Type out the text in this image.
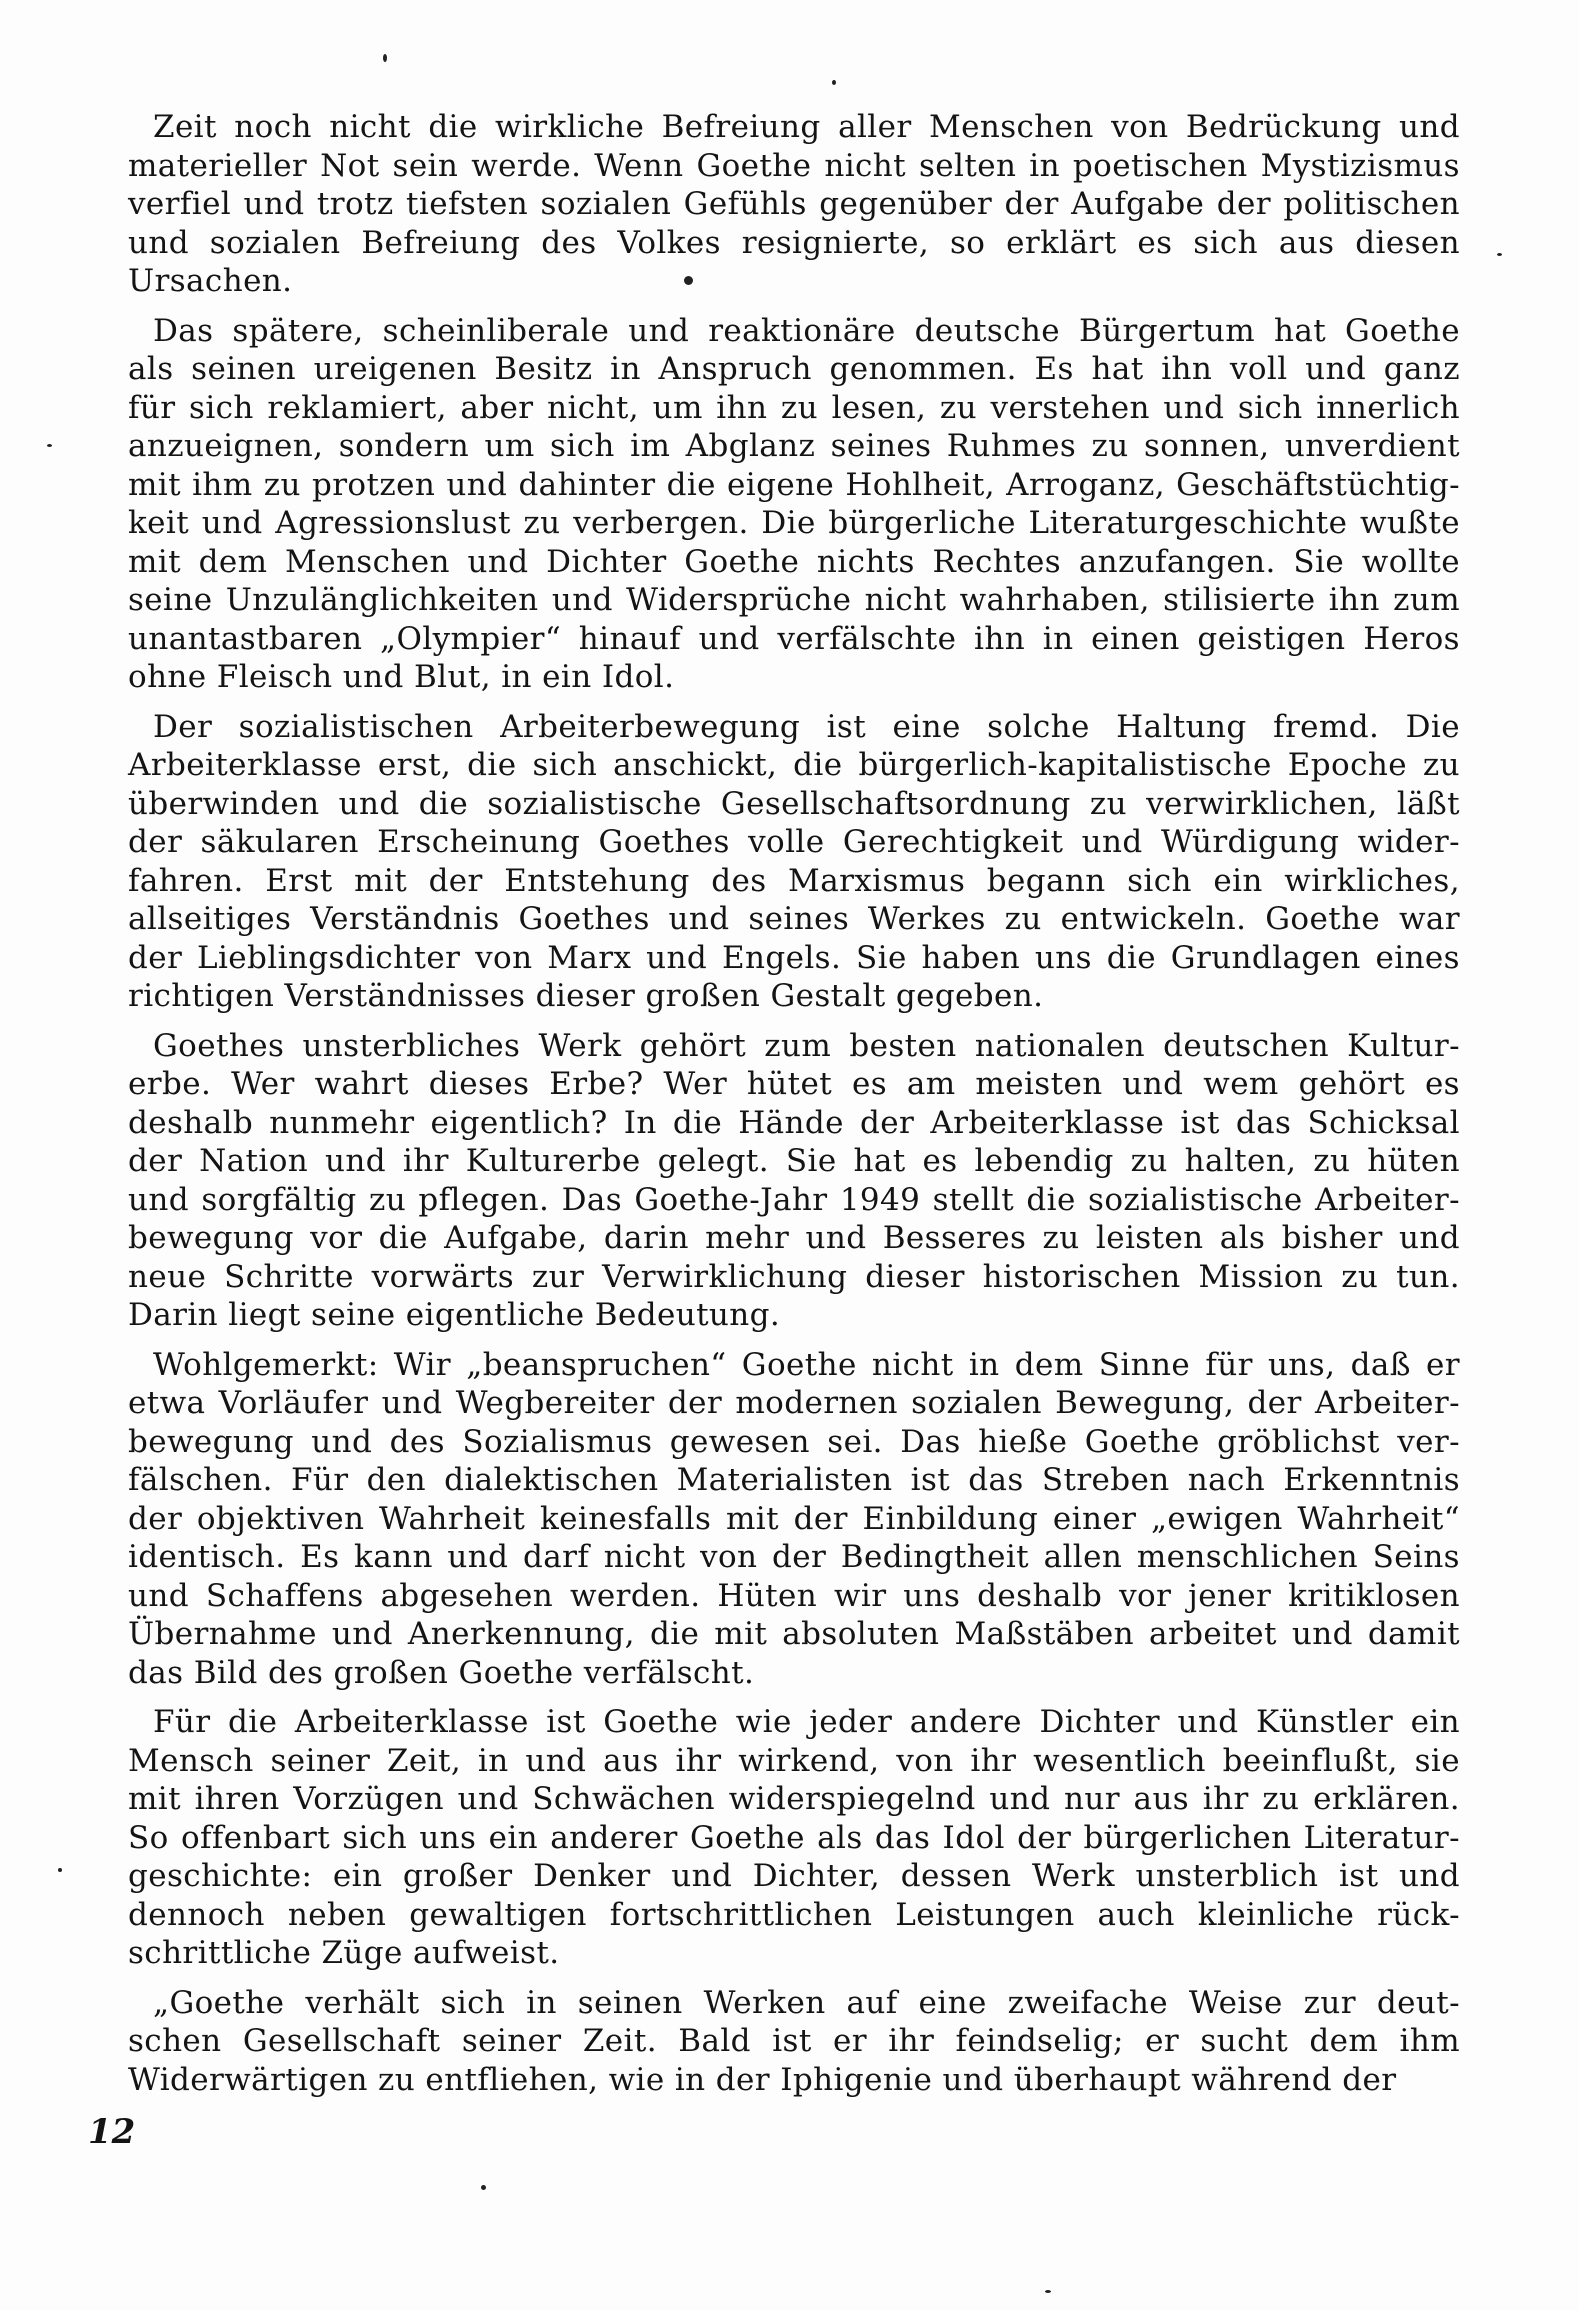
Zeit noch nicht die wirkliche Befreiung aller Menschen von Bedrückung und
materieller Not sein werde. Wenn Goethe nicht selten in poetischen Mystizismus
verfiel und trotz tiefsten sozialen Gefühls gegenüber der Aufgabe der politischen
und sozialen Befreiung des Volkes resignierte, so erklärt es sich aus diesen
Ursachen.
Das spätere, scheinliberale und reaktionäre deutsche Bürgertum hat Goethe
als seinen ureigenen Besitz in Anspruch genommen. Es hat ihn voll und ganz
für sich reklamiert, aber nicht, um ihn zu lesen, zu verstehen und sich innerlich
anzueignen, sondern um sich im Abglanz seines Ruhmes zu sonnen, unverdient
mit ihm zu protzen und dahinter die eigene Hohlheit, Arroganz, Geschäftstüchtig-
keit und Agressionslust zu verbergen. Die bürgerliche Literaturgeschichte wußte
mit dem Menschen und Dichter Goethe nichts Rechtes anzufangen. Sie wollte
seine Unzulänglichkeiten und Widersprüche nicht wahrhaben, stilisierte ihn zum
unantastbaren „Olympier“ hinauf und verfälschte ihn in einen geistigen Heros
ohne Fleisch und Blut, in ein Idol.
Der sozialistischen Arbeiterbewegung ist eine solche Haltung fremd. Die
Arbeiterklasse erst, die sich anschickt, die bürgerlich-kapitalistische Epoche zu
überwinden und die sozialistische Gesellschaftsordnung zu verwirklichen, läßt
der säkularen Erscheinung Goethes volle Gerechtigkeit und Würdigung wider-
fahren. Erst mit der Entstehung des Marxismus begann sich ein wirkliches,
allseitiges Verständnis Goethes und seines Werkes zu entwickeln. Goethe war
der Lieblingsdichter von Marx und Engels. Sie haben uns die Grundlagen eines
richtigen Verständnisses dieser großen Gestalt gegeben.
Goethes unsterbliches Werk gehört zum besten nationalen deutschen Kultur-
erbe. Wer wahrt dieses Erbe? Wer hütet es am meisten und wem gehört es
deshalb nunmehr eigentlich? In die Hände der Arbeiterklasse ist das Schicksal
der Nation und ihr Kulturerbe gelegt. Sie hat es lebendig zu halten, zu hüten
und sorgfältig zu pflegen. Das Goethe-Jahr 1949 stellt die sozialistische Arbeiter-
bewegung vor die Aufgabe, darin mehr und Besseres zu leisten als bisher und
neue Schritte vorwärts zur Verwirklichung dieser historischen Mission zu tun.
Darin liegt seine eigentliche Bedeutung.
Wohlgemerkt: Wir „beanspruchen“ Goethe nicht in dem Sinne für uns, daß er
etwa Vorläufer und Wegbereiter der modernen sozialen Bewegung, der Arbeiter-
bewegung und des Sozialismus gewesen sei. Das hieße Goethe gröblichst ver-
fälschen. Für den dialektischen Materialisten ist das Streben nach Erkenntnis
der objektiven Wahrheit keinesfalls mit der Einbildung einer „ewigen Wahrheit“
identisch. Es kann und darf nicht von der Bedingtheit allen menschlichen Seins
und Schaffens abgesehen werden. Hüten wir uns deshalb vor jener kritiklosen
Übernahme und Anerkennung, die mit absoluten Maßstäben arbeitet und damit
das Bild des großen Goethe verfälscht.
Für die Arbeiterklasse ist Goethe wie jeder andere Dichter und Künstler ein
Mensch seiner Zeit, in und aus ihr wirkend, von ihr wesentlich beeinflußt, sie
mit ihren Vorzügen und Schwächen widerspiegelnd und nur aus ihr zu erklären.
So offenbart sich uns ein anderer Goethe als das Idol der bürgerlichen Literatur-
geschichte: ein großer Denker und Dichter, dessen Werk unsterblich ist und
dennoch neben gewaltigen fortschrittlichen Leistungen auch kleinliche rück-
schrittliche Züge aufweist.
„Goethe verhält sich in seinen Werken auf eine zweifache Weise zur deut-
schen Gesellschaft seiner Zeit. Bald ist er ihr feindselig; er sucht dem ihm
Widerwärtigen zu entfliehen, wie in der Iphigenie und überhaupt während der
12
